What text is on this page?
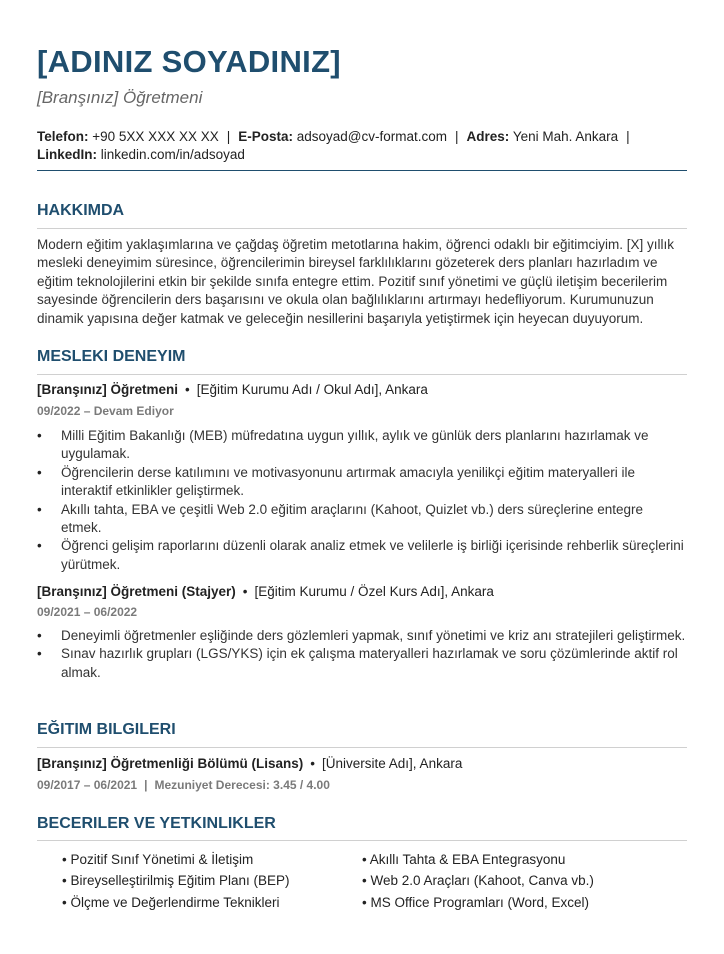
[ADINIZ SOYADINIZ]
[Branşınız] Öğretmeni
Telefon: +90 5XX XXX XX XX | E-Posta: adsoyad@cv-format.com | Adres: Yeni Mah. Ankara |
LinkedIn: linkedin.com/in/adsoyad
HAKKIMDA
Modern eğitim yaklaşımlarına ve çağdaş öğretim metotlarına hakim, öğrenci odaklı bir eğitimciyim. [X] yıllık mesleki deneyimim süresince, öğrencilerimin bireysel farklılıklarını gözeterek ders planları hazırladım ve eğitim teknolojilerini etkin bir şekilde sınıfa entegre ettim. Pozitif sınıf yönetimi ve güçlü iletişim becerilerim sayesinde öğrencilerin ders başarısını ve okula olan bağlılıklarını artırmayı hedefliyorum. Kurumunuzun dinamik yapısına değer katmak ve geleceğin nesillerini başarıyla yetiştirmek için heyecan duyuyorum.
MESLEKI DENEYIM
[Branşınız] Öğretmeni • [Eğitim Kurumu Adı / Okul Adı], Ankara
09/2022 – Devam Ediyor
• Milli Eğitim Bakanlığı (MEB) müfredatına uygun yıllık, aylık ve günlük ders planlarını hazırlamak ve uygulamak.
• Öğrencilerin derse katılımını ve motivasyonunu artırmak amacıyla yenilikçi eğitim materyalleri ile interaktif etkinlikler geliştirmek.
• Akıllı tahta, EBA ve çeşitli Web 2.0 eğitim araçlarını (Kahoot, Quizlet vb.) ders süreçlerine entegre etmek.
• Öğrenci gelişim raporlarını düzenli olarak analiz etmek ve velilerle iş birliği içerisinde rehberlik süreçlerini yürütmek.
[Branşınız] Öğretmeni (Stajyer) • [Eğitim Kurumu / Özel Kurs Adı], Ankara
09/2021 – 06/2022
• Deneyimli öğretmenler eşliğinde ders gözlemleri yapmak, sınıf yönetimi ve kriz anı stratejileri geliştirmek.
• Sınav hazırlık grupları (LGS/YKS) için ek çalışma materyalleri hazırlamak ve soru çözümlerinde aktif rol almak.
EĞITIM BILGILERI
[Branşınız] Öğretmenliği Bölümü (Lisans) • [Üniversite Adı], Ankara
09/2017 – 06/2021 | Mezuniyet Derecesi: 3.45 / 4.00
BECERILER VE YETKINLIKLER
• Pozitif Sınıf Yönetimi & İletişim	• Akıllı Tahta & EBA Entegrasyonu
• Bireyselleştirilmiş Eğitim Planı (BEP)	• Web 2.0 Araçları (Kahoot, Canva vb.)
• Ölçme ve Değerlendirme Teknikleri	• MS Office Programları (Word, Excel)
